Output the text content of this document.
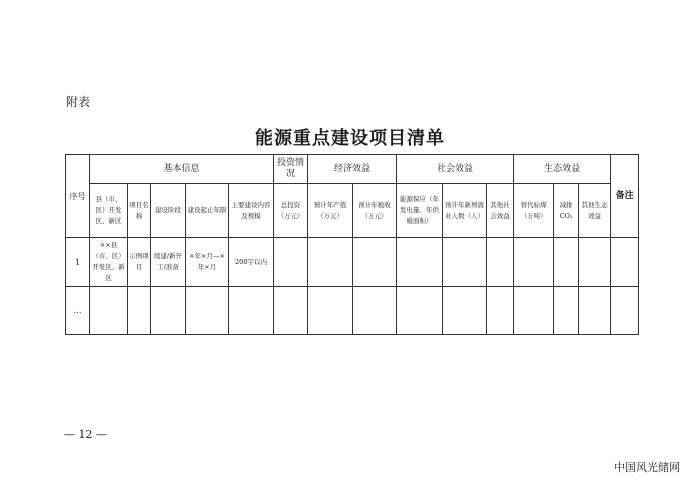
附表
能源重点建设项目清单
序号	基本信息					投资情况	经济效益		社会效益			生态效益			备注
	县（市、区）开发区、新区	项目名称	建设阶段	建设起止年限	主要建设内容及规模	总投资（万元）	预计年产值（万元）	预计年税收（万元）	能源保应（年发电量、年供暖面积）	预计年新增就业人数（人）	其他社会效益	替代标煤（万吨）	减排CO₂	其他生态效益	
1	××县（市、区）开发区、新区	示例项目	续建/新开工/准备	×年×月—×年×月	200字以内										
…															
— 12 —
中国风光储网
